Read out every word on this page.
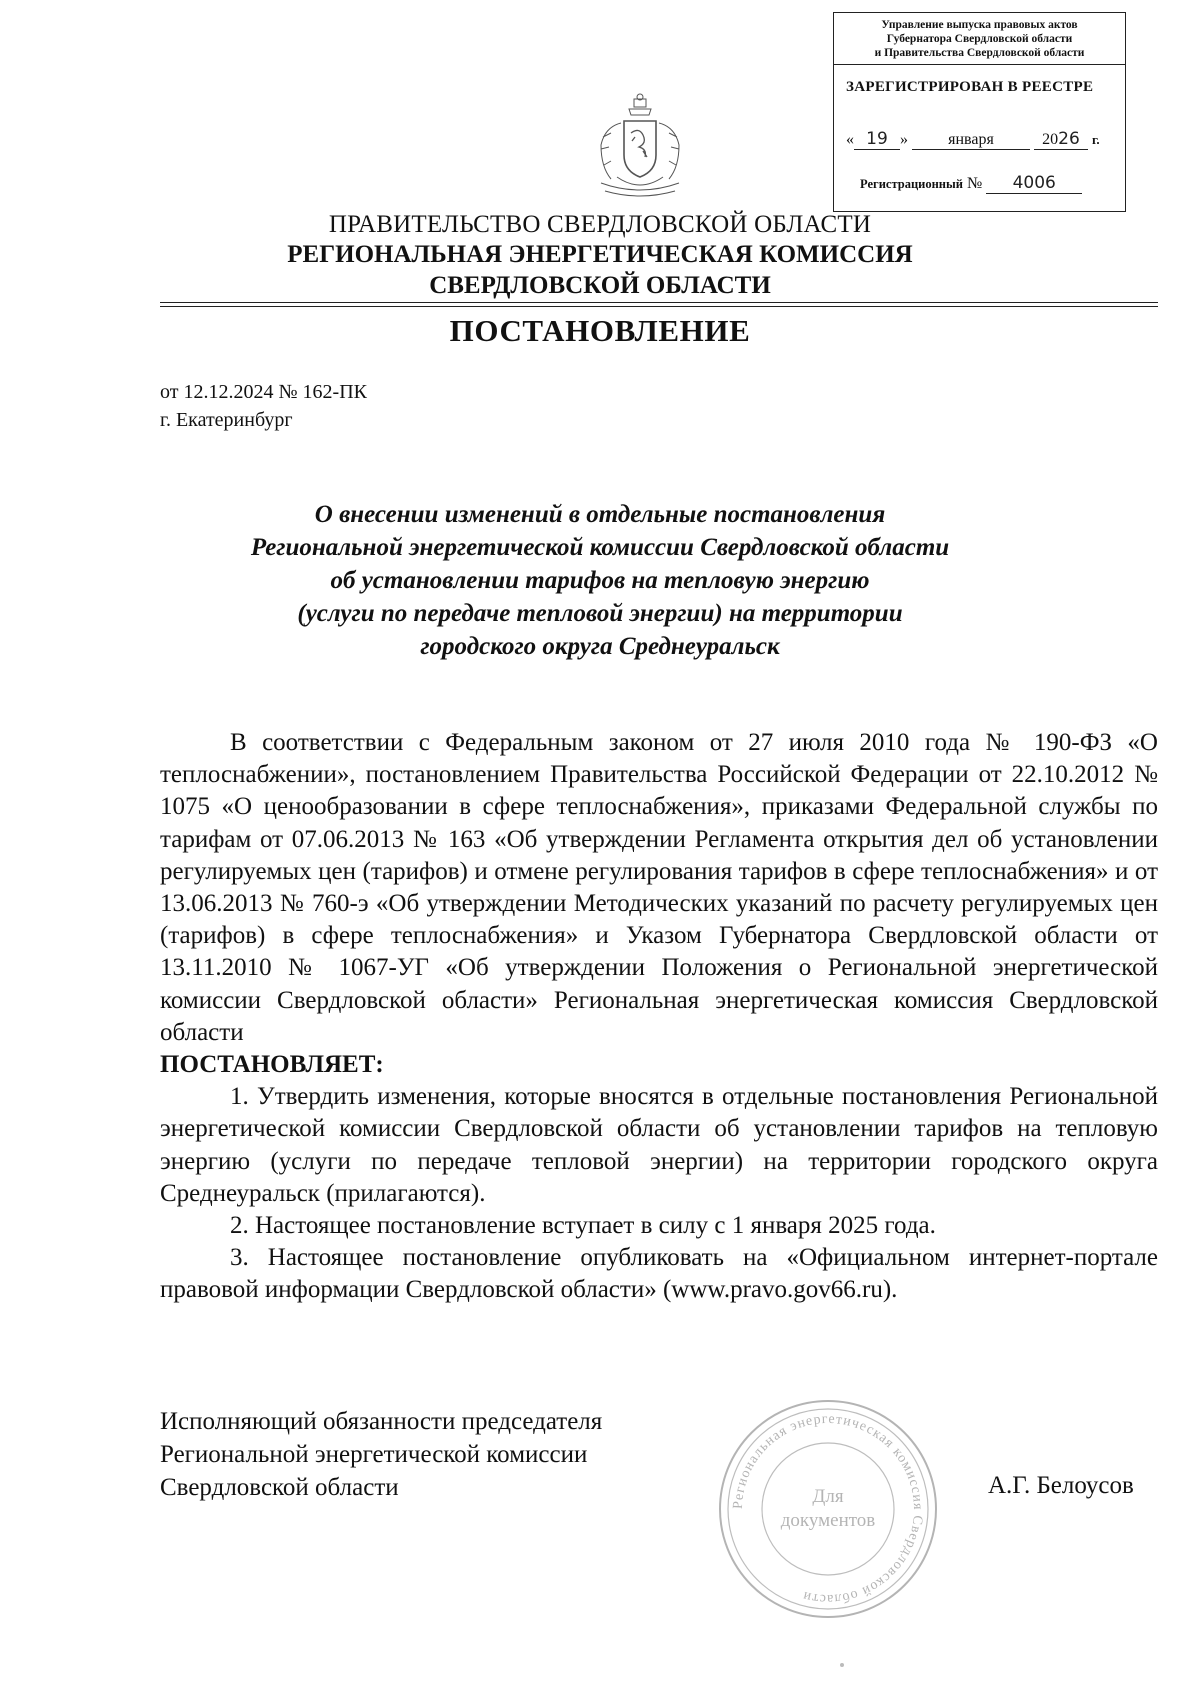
Управление выпуска правовых актов
Губернатора Свердловской области
и Правительства Свердловской области
ЗАРЕГИСТРИРОВАН В РЕЕСТРЕ
« 19 »	января	2026 г.
Регистрационный № 4006
ПРАВИТЕЛЬСТВО СВЕРДЛОВСКОЙ ОБЛАСТИ
РЕГИОНАЛЬНАЯ ЭНЕРГЕТИЧЕСКАЯ КОМИССИЯ
СВЕРДЛОВСКОЙ ОБЛАСТИ
ПОСТАНОВЛЕНИЕ
от 12.12.2024 № 162-ПК
г. Екатеринбург
О внесении изменений в отдельные постановления
Региональной энергетической комиссии Свердловской области
об установлении тарифов на тепловую энергию
(услуги по передаче тепловой энергии) на территории
городского округа Среднеуральск

В соответствии с Федеральным законом от 27 июля 2010 года № 190-ФЗ «О теплоснабжении», постановлением Правительства Российской Федерации от 22.10.2012 № 1075 «О ценообразовании в сфере теплоснабжения», приказами Федеральной службы по тарифам от 07.06.2013 № 163 «Об утверждении Регламента открытия дел об установлении регулируемых цен (тарифов) и отмене регулирования тарифов в сфере теплоснабжения» и от 13.06.2013 № 760-э «Об утверждении Методических указаний по расчету регулируемых цен (тарифов) в сфере теплоснабжения» и Указом Губернатора Свердловской области от 13.11.2010 № 1067-УГ «Об утверждении Положения о Региональной энергетической комиссии Свердловской области» Региональная энергетическая комиссия Свердловской области

ПОСТАНОВЛЯЕТ:

1. Утвердить изменения, которые вносятся в отдельные постановления Региональной энергетической комиссии Свердловской области об установлении тарифов на тепловую энергию (услуги по передаче тепловой энергии) на территории городского округа Среднеуральск (прилагаются).

2. Настоящее постановление вступает в силу с 1 января 2025 года.

3. Настоящее постановление опубликовать на «Официальном интернет-портале правовой информации Свердловской области» (www.pravo.gov66.ru).

Исполняющий обязанности председателя
Региональной энергетической комиссии
Свердловской области
Региональная энергетическая комиссия Свердловской области
Для
документов
А.Г. Белоусов
